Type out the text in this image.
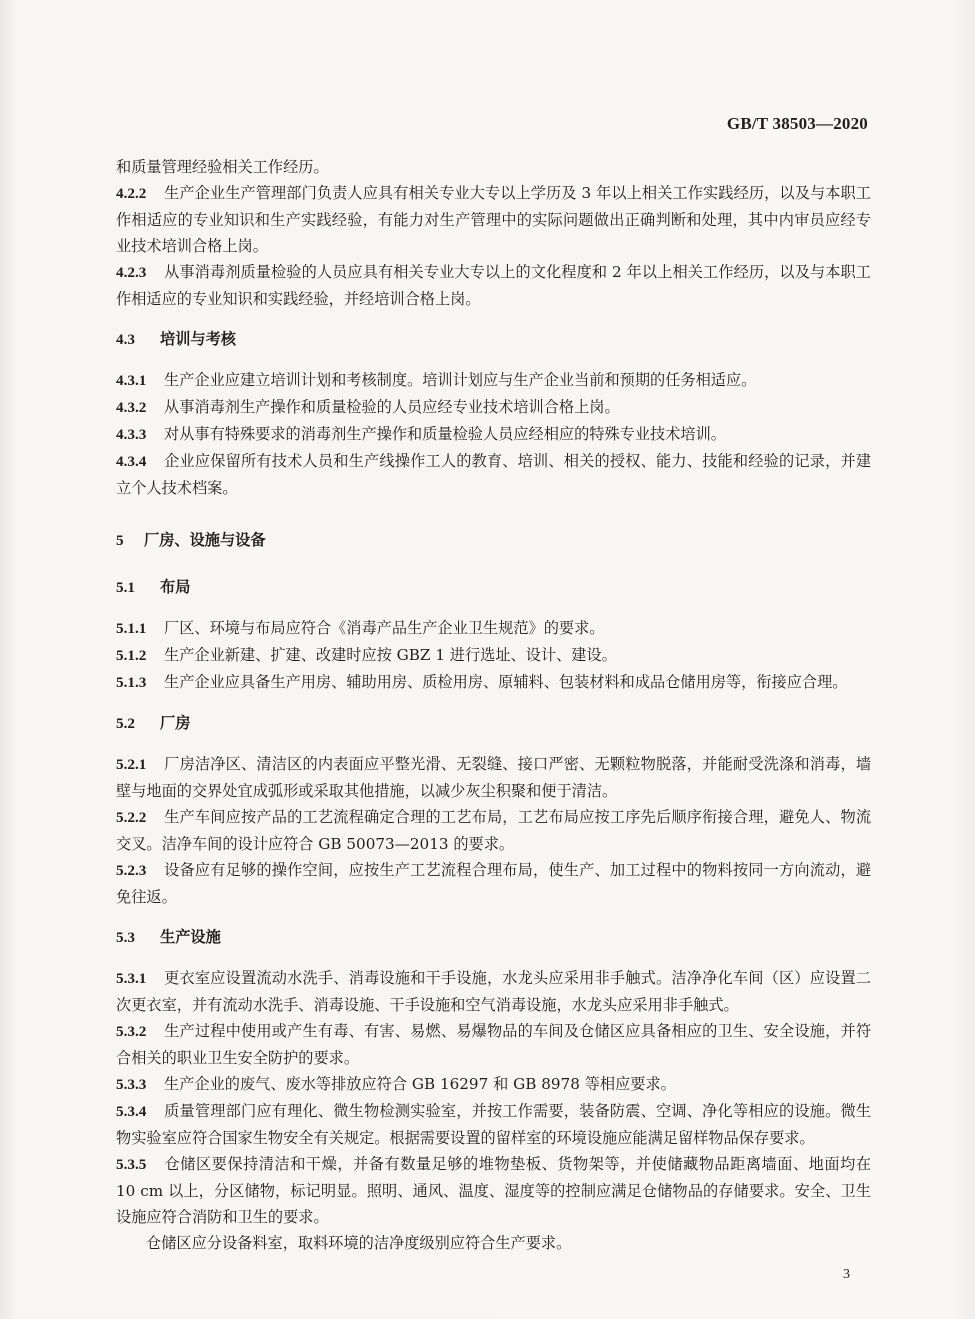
GB/T 38503—2020

和质量管理经验相关工作经历。

4.2.2 生产企业生产管理部门负责人应具有相关专业大专以上学历及 3 年以上相关工作实践经历，以及与本职工作相适应的专业知识和生产实践经验，有能力对生产管理中的实际问题做出正确判断和处理，其中内审员应经专业技术培训合格上岗。

4.2.3 从事消毒剂质量检验的人员应具有相关专业大专以上的文化程度和 2 年以上相关工作经历，以及与本职工作相适应的专业知识和实践经验，并经培训合格上岗。

4.3 培训与考核

4.3.1 生产企业应建立培训计划和考核制度。培训计划应与生产企业当前和预期的任务相适应。

4.3.2 从事消毒剂生产操作和质量检验的人员应经专业技术培训合格上岗。

4.3.3 对从事有特殊要求的消毒剂生产操作和质量检验人员应经相应的特殊专业技术培训。

4.3.4 企业应保留所有技术人员和生产线操作工人的教育、培训、相关的授权、能力、技能和经验的记录，并建立个人技术档案。

5 厂房、设施与设备

5.1 布局

5.1.1 厂区、环境与布局应符合《消毒产品生产企业卫生规范》的要求。

5.1.2 生产企业新建、扩建、改建时应按 GBZ 1 进行选址、设计、建设。

5.1.3 生产企业应具备生产用房、辅助用房、质检用房、原辅料、包装材料和成品仓储用房等，衔接应合理。

5.2 厂房

5.2.1 厂房洁净区、清洁区的内表面应平整光滑、无裂缝、接口严密、无颗粒物脱落，并能耐受洗涤和消毒，墙壁与地面的交界处宜成弧形或采取其他措施，以减少灰尘积聚和便于清洁。

5.2.2 生产车间应按产品的工艺流程确定合理的工艺布局，工艺布局应按工序先后顺序衔接合理，避免人、物流交叉。洁净车间的设计应符合 GB 50073—2013 的要求。

5.2.3 设备应有足够的操作空间，应按生产工艺流程合理布局，使生产、加工过程中的物料按同一方向流动，避免往返。

5.3 生产设施

5.3.1 更衣室应设置流动水洗手、消毒设施和干手设施，水龙头应采用非手触式。洁净净化车间（区）应设置二次更衣室，并有流动水洗手、消毒设施、干手设施和空气消毒设施，水龙头应采用非手触式。

5.3.2 生产过程中使用或产生有毒、有害、易燃、易爆物品的车间及仓储区应具备相应的卫生、安全设施，并符合相关的职业卫生安全防护的要求。

5.3.3 生产企业的废气、废水等排放应符合 GB 16297 和 GB 8978 等相应要求。

5.3.4 质量管理部门应有理化、微生物检测实验室，并按工作需要，装备防震、空调、净化等相应的设施。微生物实验室应符合国家生物安全有关规定。根据需要设置的留样室的环境设施应能满足留样物品保存要求。

5.3.5 仓储区要保持清洁和干燥，并备有数量足够的堆物垫板、货物架等，并使储藏物品距离墙面、地面均在 10 cm 以上，分区储物，标记明显。照明、通风、温度、湿度等的控制应满足仓储物品的存储要求。安全、卫生设施应符合消防和卫生的要求。

仓储区应分设备料室，取料环境的洁净度级别应符合生产要求。

3
